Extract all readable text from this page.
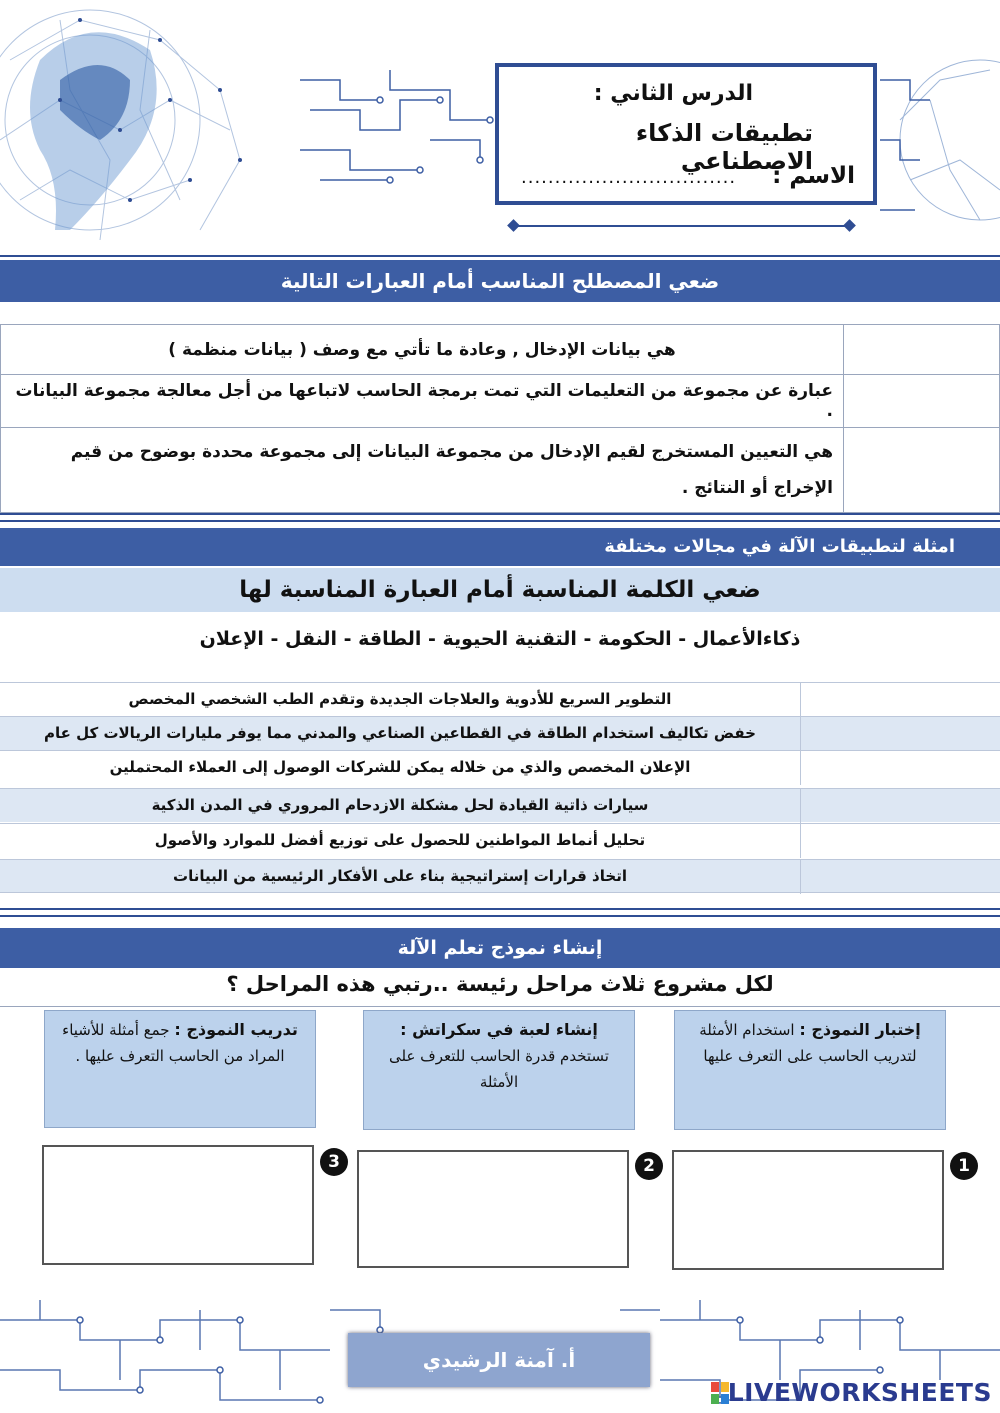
الدرس الثاني :
تطبيقات الذكاء الاصطناعي
الاسم :
................................
ضعي المصطلح المناسب أمام العبارات التالية
هي بيانات الإدخال , وعادة ما تأتي مع وصف ( بيانات منظمة )	
عبارة عن مجموعة من التعليمات التي تمت برمجة الحاسب لاتباعها من أجل معالجة مجموعة البيانات .	
هي التعيين المستخرج لقيم الإدخال من مجموعة البيانات إلى مجموعة محددة بوضوح من قيم الإخراج أو النتائج .	
امثلة لتطبيقات الآلة في مجالات مختلفة
ضعي الكلمة المناسبة أمام العبارة المناسبة لها
ذكاءالأعمال - الحكومة - التقنية الحيوية - الطاقة - النقل - الإعلان
التطوير السريع للأدوية والعلاجات الجديدة وتقدم الطب الشخصي المخصص
خفض تكاليف استخدام الطاقة في القطاعين الصناعي والمدني مما يوفر مليارات الريالات كل عام
الإعلان المخصص والذي من خلاله يمكن للشركات الوصول إلى العملاء المحتملين
سيارات ذاتية القيادة لحل مشكلة الازدحام المروري في المدن الذكية
تحليل أنماط المواطنين للحصول على توزيع أفضل للموارد والأصول
اتخاذ قرارات إستراتيجية بناء على الأفكار الرئيسية من البيانات
إنشاء نموذج تعلم الآلة
لكل مشروع ثلاث مراحل رئيسة ..رتبي هذه المراحل ؟
تدريب النموذج : جمع أمثلة للأشياء المراد من الحاسب التعرف عليها .
إنشاء لعبة في سكراتش :
تستخدم قدرة الحاسب للتعرف على الأمثلة
إختبار النموذج : استخدام الأمثلة لتدريب الحاسب على التعرف عليها
3	2	1
أ. آمنة الرشيدي
LIVEWORKSHEETS
